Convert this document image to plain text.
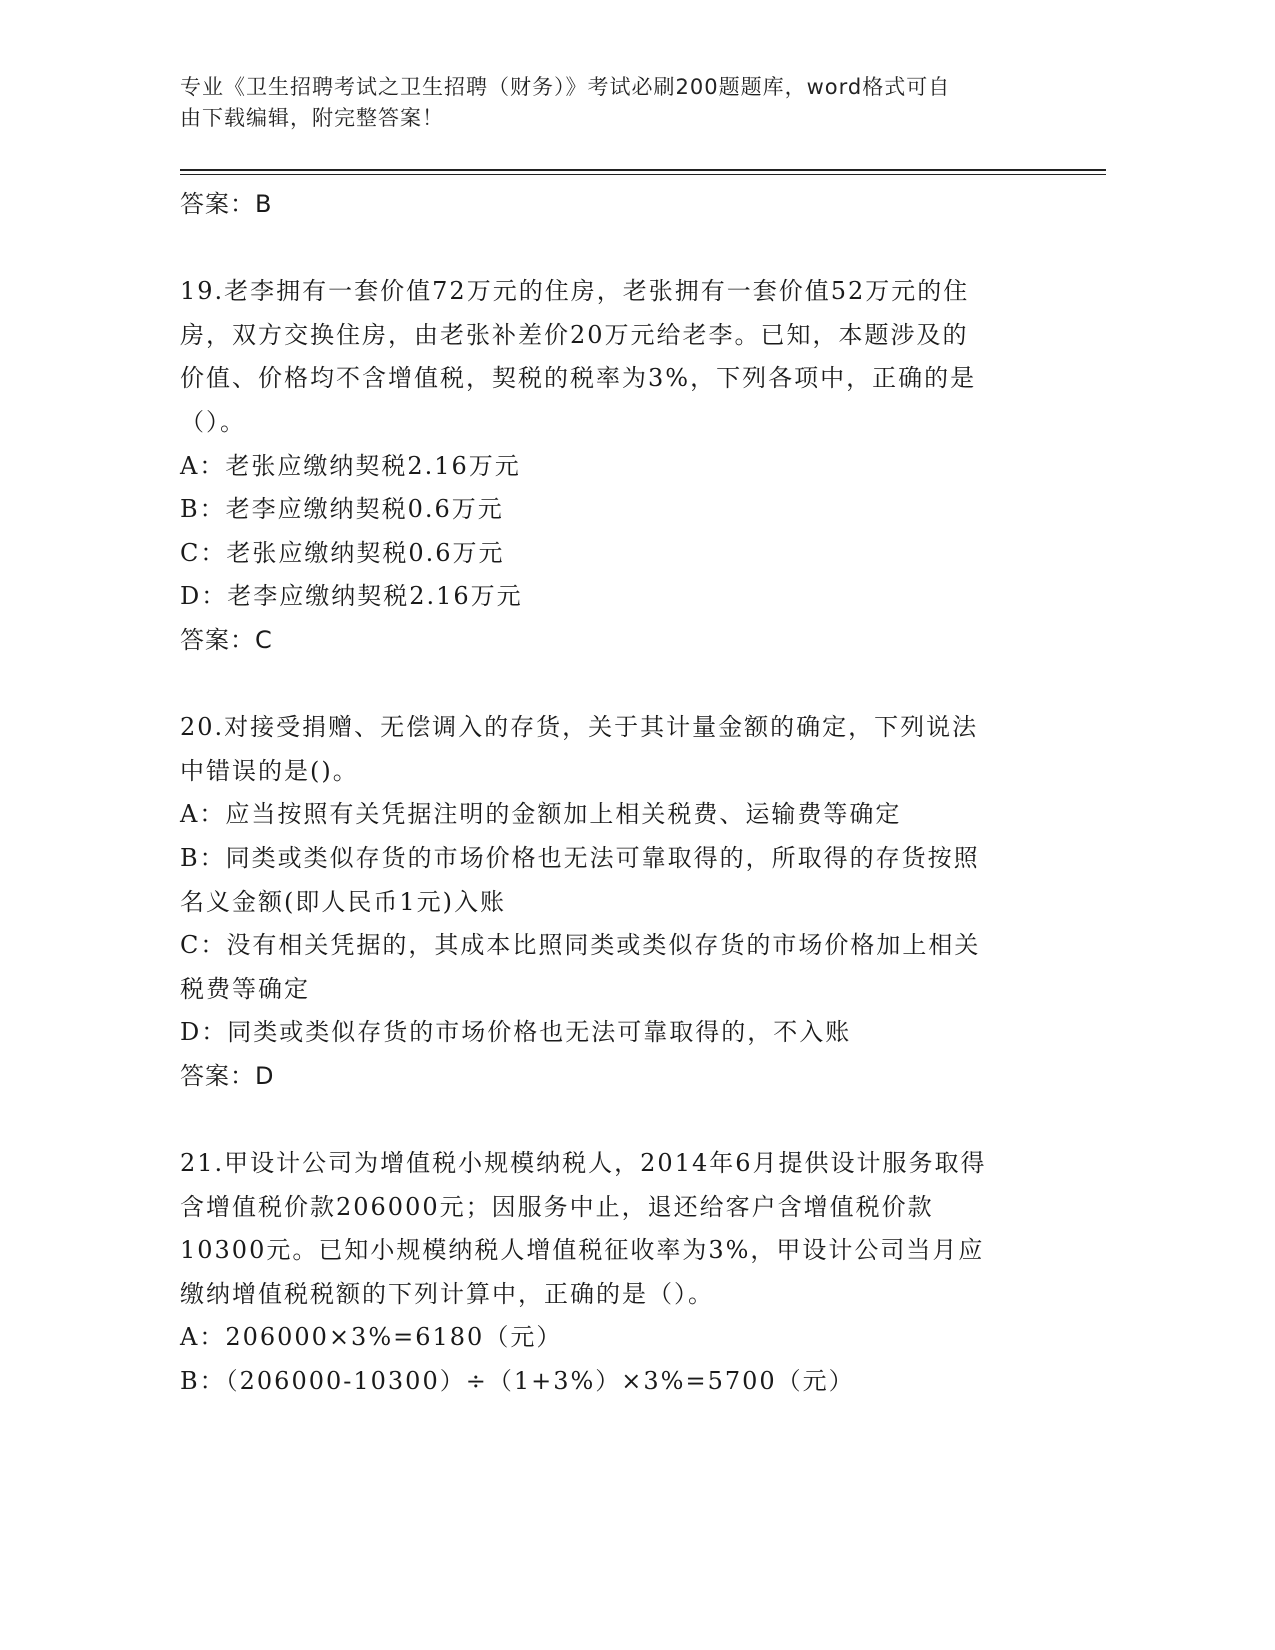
专业《卫生招聘考试之卫生招聘（财务）》考试必刷200题题库，word格式可自
由下载编辑，附完整答案！
答案：B
19.老李拥有一套价值72万元的住房，老张拥有一套价值52万元的住
房，双方交换住房，由老张补差价20万元给老李。已知，本题涉及的
价值、价格均不含增值税，契税的税率为3%，下列各项中，正确的是
（）。
A：老张应缴纳契税2.16万元
B：老李应缴纳契税0.6万元
C：老张应缴纳契税0.6万元
D：老李应缴纳契税2.16万元
答案：C
20.对接受捐赠、无偿调入的存货，关于其计量金额的确定，下列说法
中错误的是()。
A：应当按照有关凭据注明的金额加上相关税费、运输费等确定
B：同类或类似存货的市场价格也无法可靠取得的，所取得的存货按照
名义金额(即人民币1元)入账
C：没有相关凭据的，其成本比照同类或类似存货的市场价格加上相关
税费等确定
D：同类或类似存货的市场价格也无法可靠取得的，不入账
答案：D
21.甲设计公司为增值税小规模纳税人，2014年6月提供设计服务取得
含增值税价款206000元；因服务中止，退还给客户含增值税价款
10300元。已知小规模纳税人增值税征收率为3%，甲设计公司当月应
缴纳增值税税额的下列计算中，正确的是（）。
A：206000×3%=6180（元）
B：（206000-10300）÷（1+3%）×3%=5700（元）
